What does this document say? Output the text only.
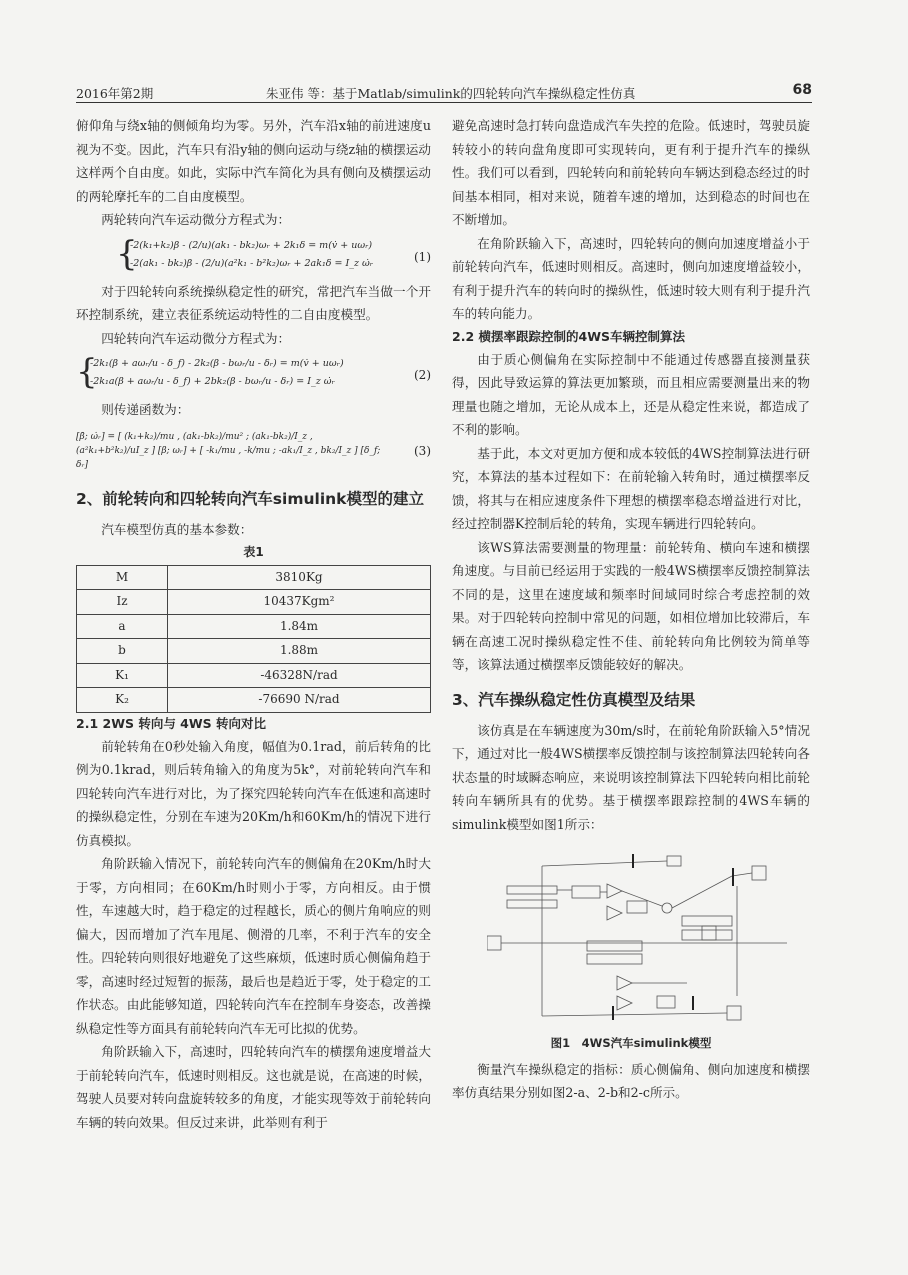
2016年第2期	朱亚伟 等：基于Matlab/simulink的四轮转向汽车操纵稳定性仿真	68

俯仰角与绕x轴的侧倾角均为零。另外，汽车沿x轴的前进速度u视为不变。因此，汽车只有沿y轴的侧向运动与绕z轴的横摆运动这样两个自由度。如此，实际中汽车简化为具有侧向及横摆运动的两轮摩托车的二自由度模型。

两轮转向汽车运动微分方程式为：

{
-2(k₁+k₂)β - (2/u)(ak₁ - bk₂)ωᵣ + 2k₁δ = m(v̇ + uωᵣ)
-2(ak₁ - bk₂)β - (2/u)(a²k₁ - b²k₂)ωᵣ + 2ak₁δ = I_z ω̇ᵣ	(1)

对于四轮转向系统操纵稳定性的研究，常把汽车当做一个开环控制系统，建立表征系统运动特性的二自由度模型。

四轮转向汽车运动微分方程式为：

{
-2k₁(β + aωᵣ/u - δ_f) - 2k₂(β - bωᵣ/u - δᵣ) = m(v̇ + uωᵣ)
-2k₁a(β + aωᵣ/u - δ_f) + 2bk₂(β - bωᵣ/u - δᵣ) = I_z ω̇ᵣ	(2)

则传递函数为：

[β̇; ω̇ᵣ] = [ (k₁+k₂)/mu , (ak₁-bk₂)/mu² ; (ak₁-bk₂)/I_z , (a²k₁+b²k₂)/uI_z ] [β; ωᵣ] + [ -k₁/mu , -k/mu ; -ak₁/I_z , bk₂/I_z ] [δ_f; δᵣ]
(3)
2、前轮转向和四轮转向汽车simulink模型的建立

汽车模型仿真的基本参数：

表1
M	3810Kg
Iz	10437Kgm²
a	1.84m
b	1.88m
K₁	-46328N/rad
K₂	-76690 N/rad
2.1 2WS 转向与 4WS 转向对比

前轮转角在0秒处输入角度，幅值为0.1rad，前后转角的比例为0.1krad，则后转角输入的角度为5k°，对前轮转向汽车和四轮转向汽车进行对比，为了探究四轮转向汽车在低速和高速时的操纵稳定性，分别在车速为20Km/h和60Km/h的情况下进行仿真模拟。

角阶跃输入情况下，前轮转向汽车的侧偏角在20Km/h时大于零，方向相同；在60Km/h时则小于零，方向相反。由于惯性，车速越大时，趋于稳定的过程越长，质心的侧片角响应的则偏大，因而增加了汽车甩尾、侧滑的几率，不利于汽车的安全性。四轮转向则很好地避免了这些麻烦，低速时质心侧偏角趋于零，高速时经过短暂的振荡，最后也是趋近于零，处于稳定的工作状态。由此能够知道，四轮转向汽车在控制车身姿态，改善操纵稳定性等方面具有前轮转向汽车无可比拟的优势。

角阶跃输入下，高速时，四轮转向汽车的横摆角速度增益大于前轮转向汽车，低速时则相反。这也就是说，在高速的时候，驾驶人员要对转向盘旋转较多的角度，才能实现等效于前轮转向车辆的转向效果。但反过来讲，此举则有利于

避免高速时急打转向盘造成汽车失控的危险。低速时，驾驶员旋转较小的转向盘角度即可实现转向，更有利于提升汽车的操纵性。我们可以看到，四轮转向和前轮转向车辆达到稳态经过的时间基本相同，相对来说，随着车速的增加，达到稳态的时间也在不断增加。

在角阶跃输入下，高速时，四轮转向的侧向加速度增益小于前轮转向汽车，低速时则相反。高速时，侧向加速度增益较小，有利于提升汽车的转向时的操纵性，低速时较大则有利于提升汽车的转向能力。

2.2 横摆率跟踪控制的4WS车辆控制算法

由于质心侧偏角在实际控制中不能通过传感器直接测量获得，因此导致运算的算法更加繁琐，而且相应需要测量出来的物理量也随之增加，无论从成本上，还是从稳定性来说，都造成了不利的影响。

基于此，本文对更加方便和成本较低的4WS控制算法进行研究，本算法的基本过程如下：在前轮输入转角时，通过横摆率反馈，将其与在相应速度条件下理想的横摆率稳态增益进行对比，经过控制器K控制后轮的转角，实现车辆进行四轮转向。

该WS算法需要测量的物理量：前轮转角、横向车速和横摆角速度。与目前已经运用于实践的一般4WS横摆率反馈控制算法不同的是，这里在速度域和频率时间域同时综合考虑控制的效果。对于四轮转向控制中常见的问题，如相位增加比较滞后，车辆在高速工况时操纵稳定性不佳、前轮转向角比例较为简单等等，该算法通过横摆率反馈能较好的解决。

3、汽车操纵稳定性仿真模型及结果

该仿真是在车辆速度为30m/s时，在前轮角阶跃输入5°情况下，通过对比一般4WS横摆率反馈控制与该控制算法四轮转向各状态量的时域瞬态响应，来说明该控制算法下四轮转向相比前轮转向车辆所具有的优势。基于横摆率跟踪控制的4WS车辆的simulink模型如图1所示：

图1　4WS汽车simulink模型

衡量汽车操纵稳定的指标：质心侧偏角、侧向加速度和横摆率仿真结果分别如图2-a、2-b和2-c所示。
